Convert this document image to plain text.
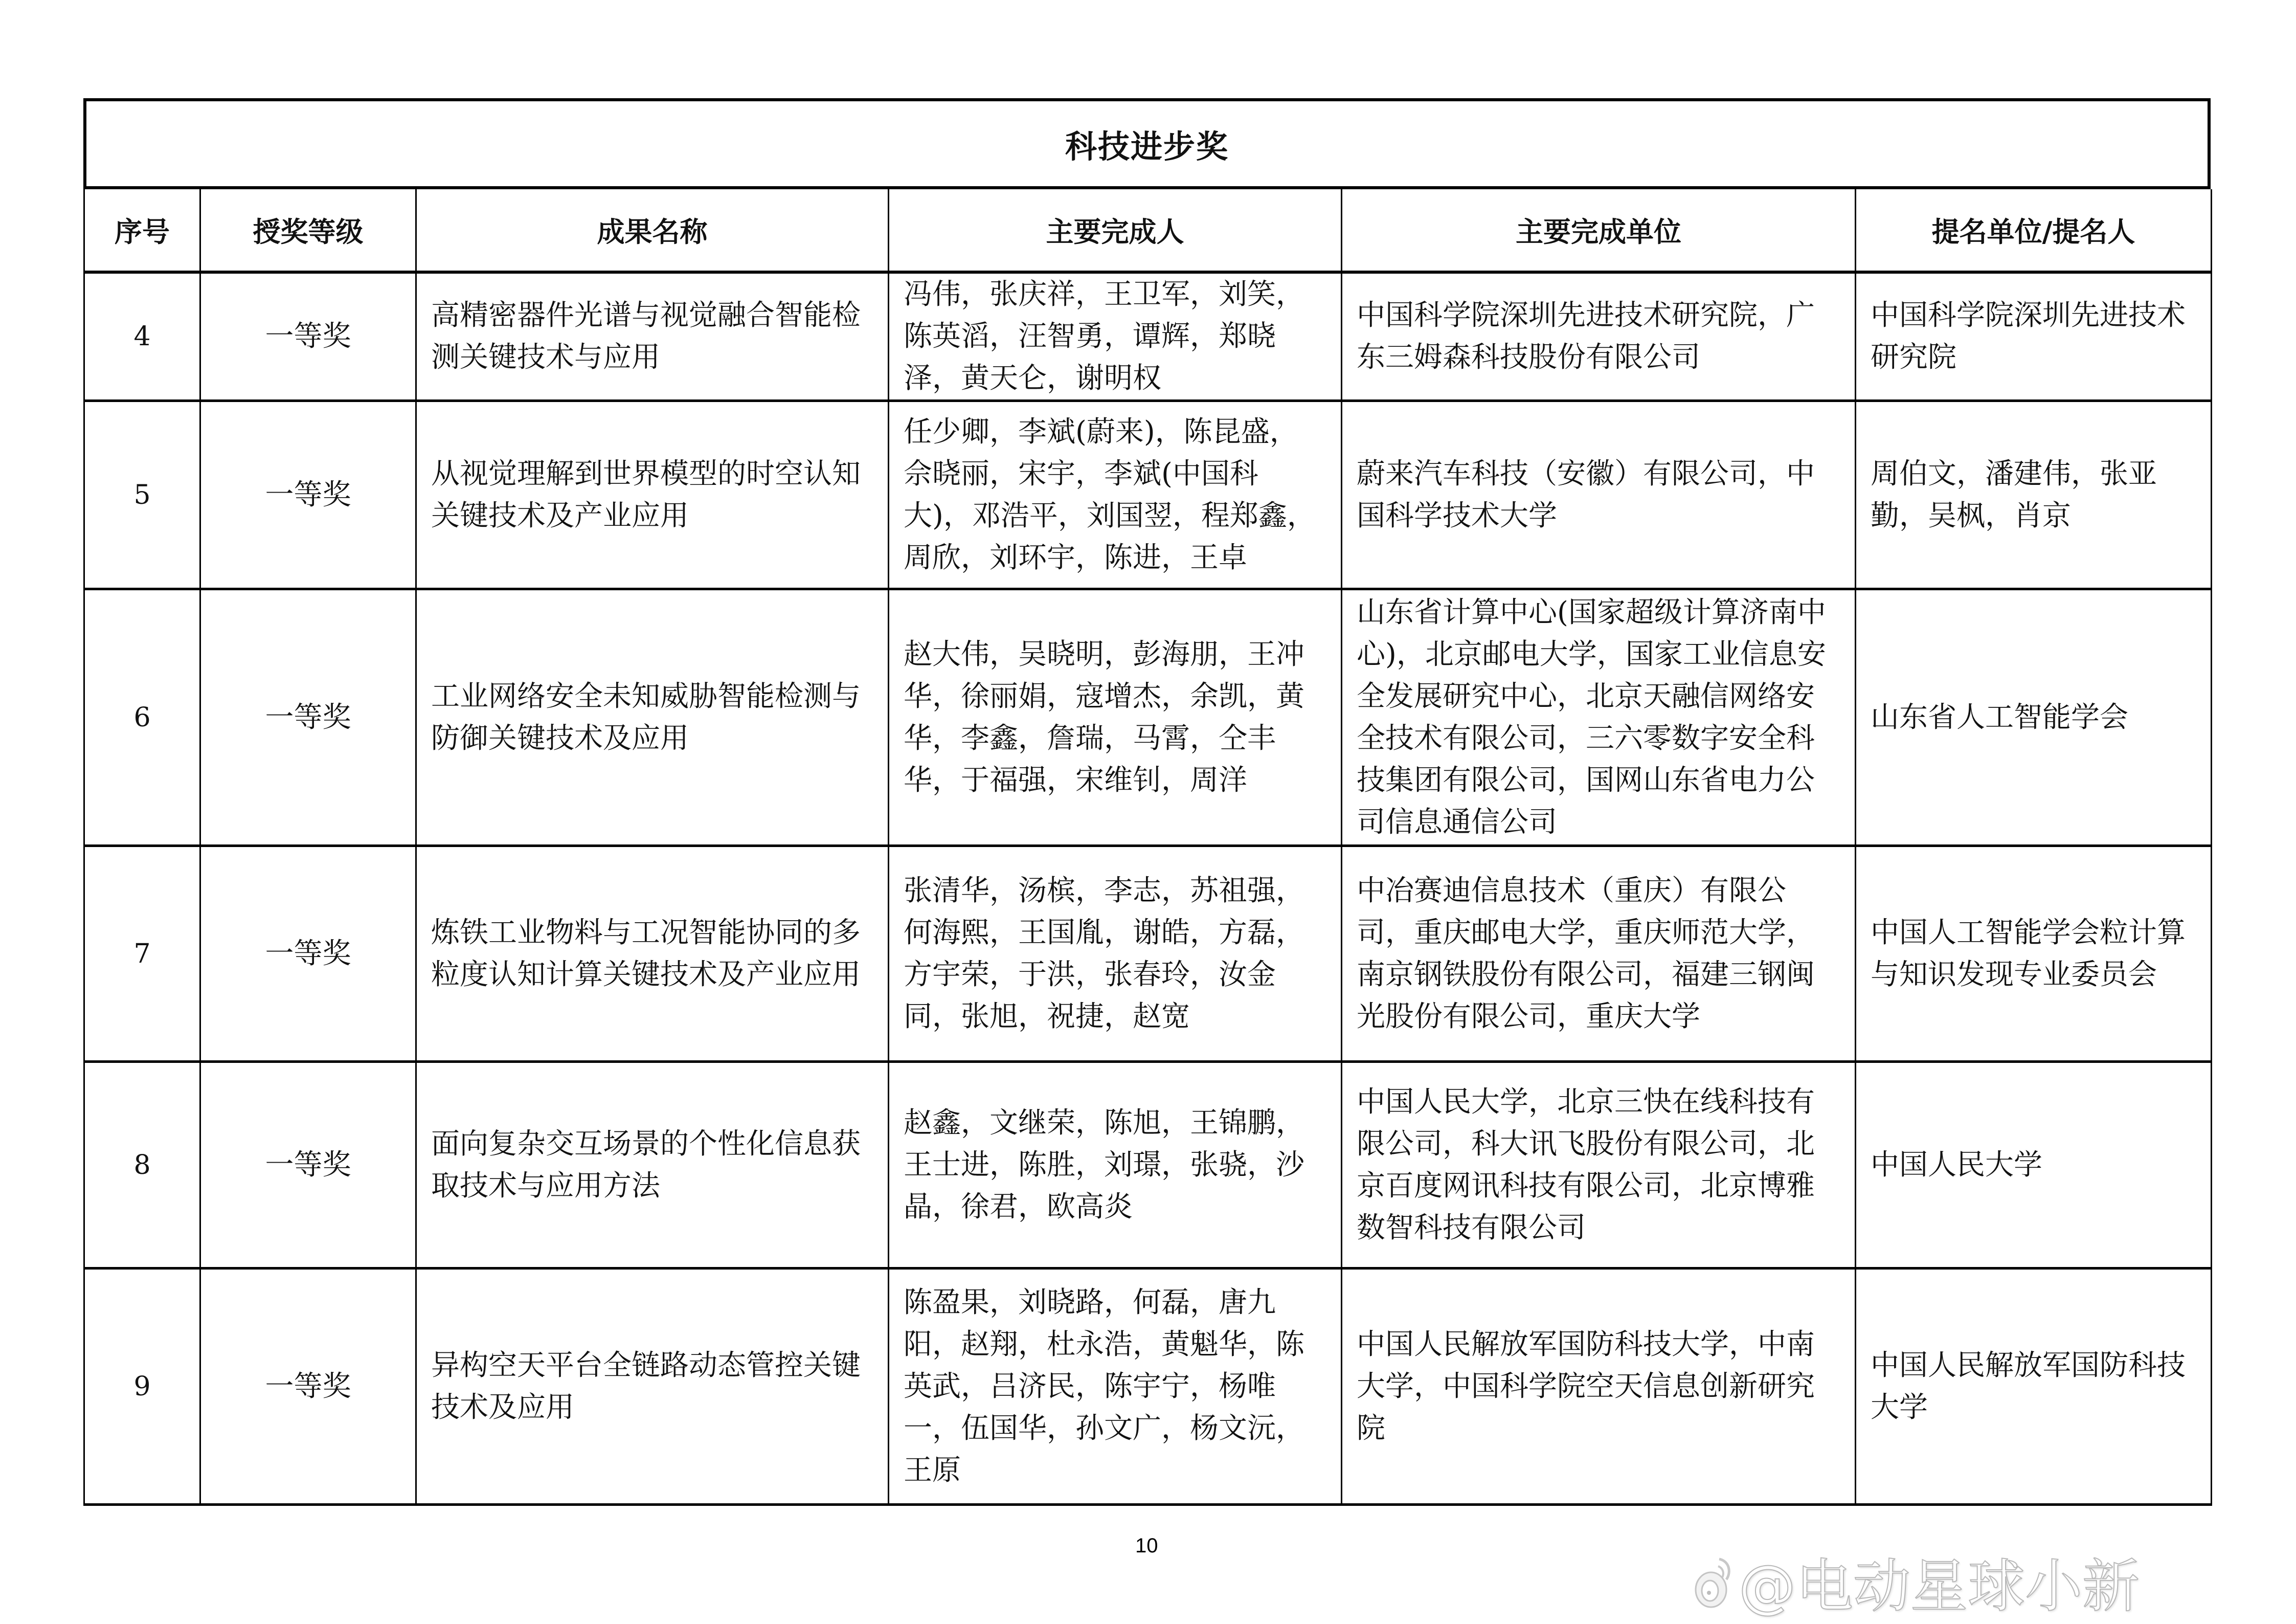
科技进步奖
序号	授奖等级	成果名称	主要完成人	主要完成单位	提名单位/提名人
4	一等奖	高精密器件光谱与视觉融合智能检测关键技术与应用	冯伟，张庆祥，王卫军，刘笑，陈英滔，汪智勇，谭辉，郑晓泽，黄天仑，谢明权	中国科学院深圳先进技术研究院，广东三姆森科技股份有限公司	中国科学院深圳先进技术研究院
5	一等奖	从视觉理解到世界模型的时空认知关键技术及产业应用	任少卿，李斌(蔚来)，陈昆盛，佘晓丽，宋宇，李斌(中国科大)，邓浩平，刘国翌，程郑鑫，周欣，刘环宇，陈进，王卓	蔚来汽车科技（安徽）有限公司，中国科学技术大学	周伯文，潘建伟，张亚勤，吴枫，肖京
6	一等奖	工业网络安全未知威胁智能检测与防御关键技术及应用	赵大伟，吴晓明，彭海朋，王冲华，徐丽娟，寇增杰，余凯，黄华，李鑫，詹瑞，马霄，仝丰华，于福强，宋维钊，周洋	山东省计算中心(国家超级计算济南中心)，北京邮电大学，国家工业信息安全发展研究中心，北京天融信网络安全技术有限公司，三六零数字安全科技集团有限公司，国网山东省电力公司信息通信公司	山东省人工智能学会
7	一等奖	炼铁工业物料与工况智能协同的多粒度认知计算关键技术及产业应用	张清华，汤槟，李志，苏祖强，何海熙，王国胤，谢皓，方磊，方宇荣，于洪，张春玲，汝金同，张旭，祝捷，赵宽	中冶赛迪信息技术（重庆）有限公司，重庆邮电大学，重庆师范大学，南京钢铁股份有限公司，福建三钢闽光股份有限公司，重庆大学	中国人工智能学会粒计算与知识发现专业委员会
8	一等奖	面向复杂交互场景的个性化信息获取技术与应用方法	赵鑫，文继荣，陈旭，王锦鹏，王士进，陈胜，刘璟，张骁，沙晶，徐君，欧高炎	中国人民大学，北京三快在线科技有限公司，科大讯飞股份有限公司，北京百度网讯科技有限公司，北京博雅数智科技有限公司	中国人民大学
9	一等奖	异构空天平台全链路动态管控关键技术及应用	陈盈果，刘晓路，何磊，唐九阳，赵翔，杜永浩，黄魁华，陈英武，吕济民，陈宇宁，杨唯一，伍国华，孙文广，杨文沅，王原	中国人民解放军国防科技大学，中南大学，中国科学院空天信息创新研究院	中国人民解放军国防科技大学
10
@电动星球小新
